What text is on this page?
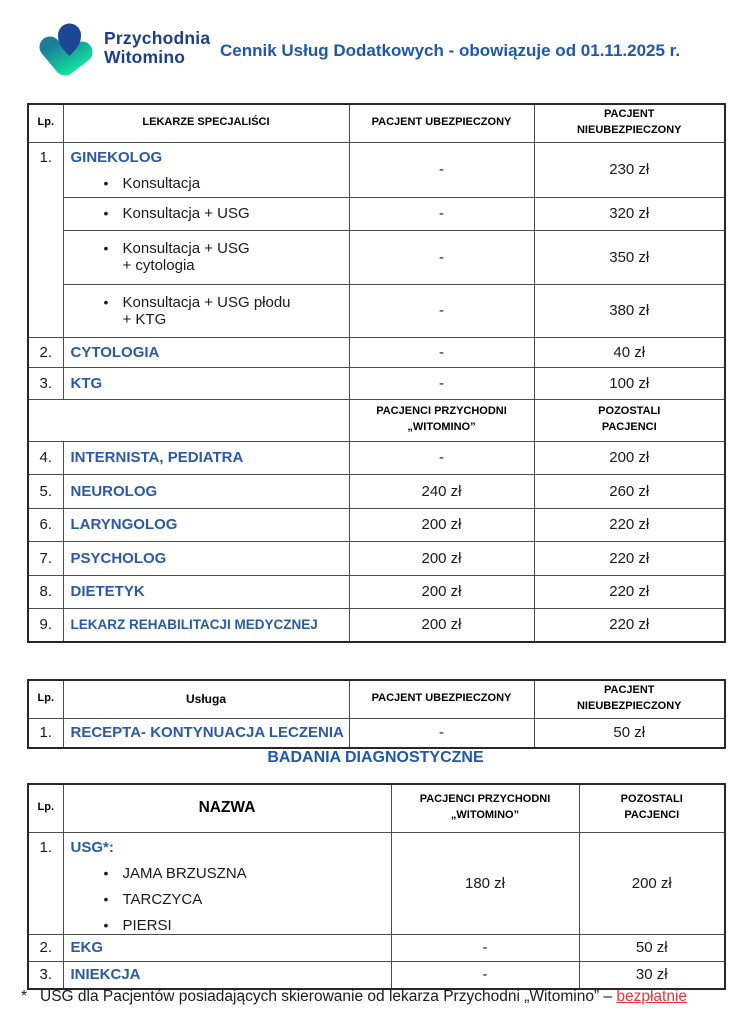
Przychodnia
Witomino	Cennik Usług Dodatkowych - obowiązuje od 01.11.2025 r.
Lp.	LEKARZE SPECJALIŚCI	PACJENT UBEZPIECZONY	PACJENT NIEUBEZPIECZONY

1.	GINEKOLOG
• Konsultacja	-	230 zł

	• Konsultacja + USG	-	320 zł

	• Konsultacja + USG
+ cytologia	-	350 zł

	• Konsultacja + USG płodu
+ KTG	-	380 zł
2.	CYTOLOGIA	-	40 zł
3.	KTG	-	100 zł

		PACJENCI PRZYCHODNI „WITOMINO”	POZOSTALI PACJENCI

4.	INTERNISTA, PEDIATRA	-	200 zł
5.	NEUROLOG	240 zł	260 zł
6.	LARYNGOLOG	200 zł	220 zł
7.	PSYCHOLOG	200 zł	220 zł
8.	DIETETYK	200 zł	220 zł
9.	LEKARZ REHABILITACJI MEDYCZNEJ	200 zł	220 zł
Lp.	Usługa	PACJENT UBEZPIECZONY	PACJENT NIEUBEZPIECZONY

1.	RECEPTA- KONTYNUACJA LECZENIA	-	50 zł
BADANIA DIAGNOSTYCZNE
Lp.	NAZWA	PACJENCI PRZYCHODNI „WITOMINO”	POZOSTALI PACJENCI

1.	USG*:
• JAMA BRZUSZNA
• TARCZYCA
• PIERSI	180 zł	200 zł
2.	EKG	-	50 zł
3.	INIEKCJA	-	30 zł
* USG dla Pacjentów posiadających skierowanie od lekarza Przychodni „Witomino” – bezpłatnie
